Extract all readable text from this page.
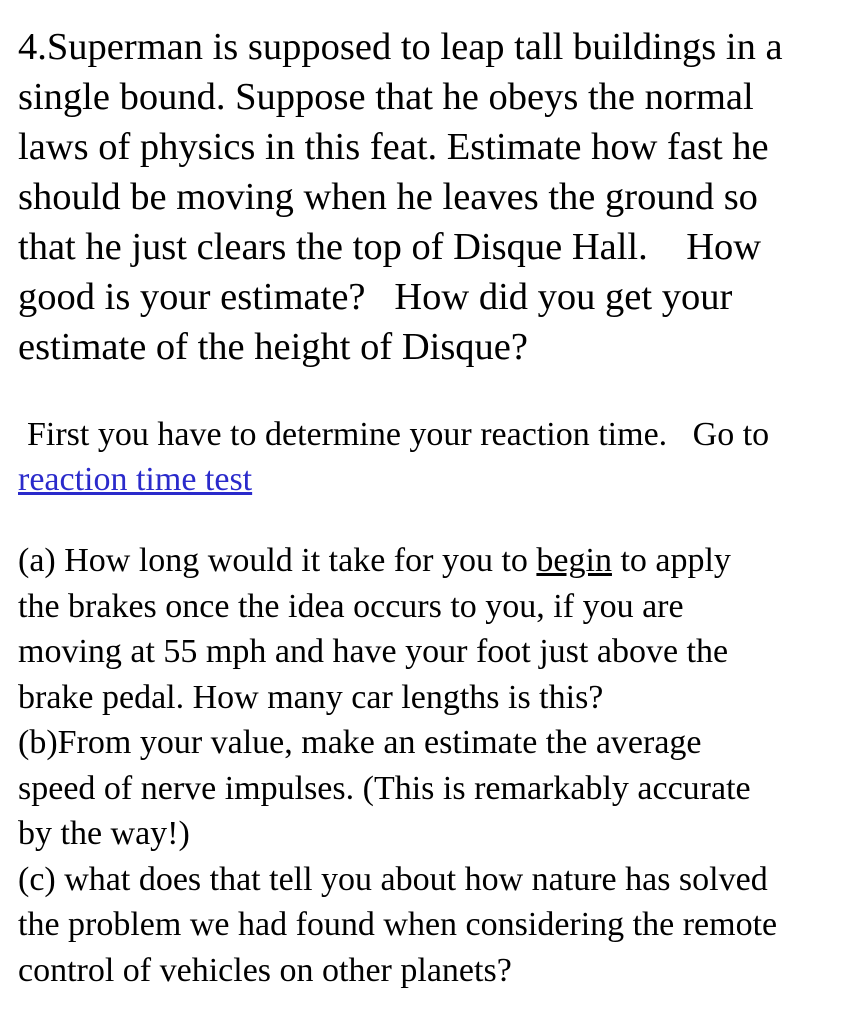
4.Superman is supposed to leap tall buildings in a
single bound. Suppose that he obeys the normal
laws of physics in this feat. Estimate how fast he
should be moving when he leaves the ground so
that he just clears the top of Disque Hall.    How
good is your estimate?   How did you get your
estimate of the height of Disque?
First you have to determine your reaction time.   Go to
reaction time test
(a) How long would it take for you to begin to apply
the brakes once the idea occurs to you, if you are
moving at 55 mph and have your foot just above the
brake pedal. How many car lengths is this?
(b)From your value, make an estimate the average
speed of nerve impulses. (This is remarkably accurate
by the way!)
(c) what does that tell you about how nature has solved
the problem we had found when considering the remote
control of vehicles on other planets?
